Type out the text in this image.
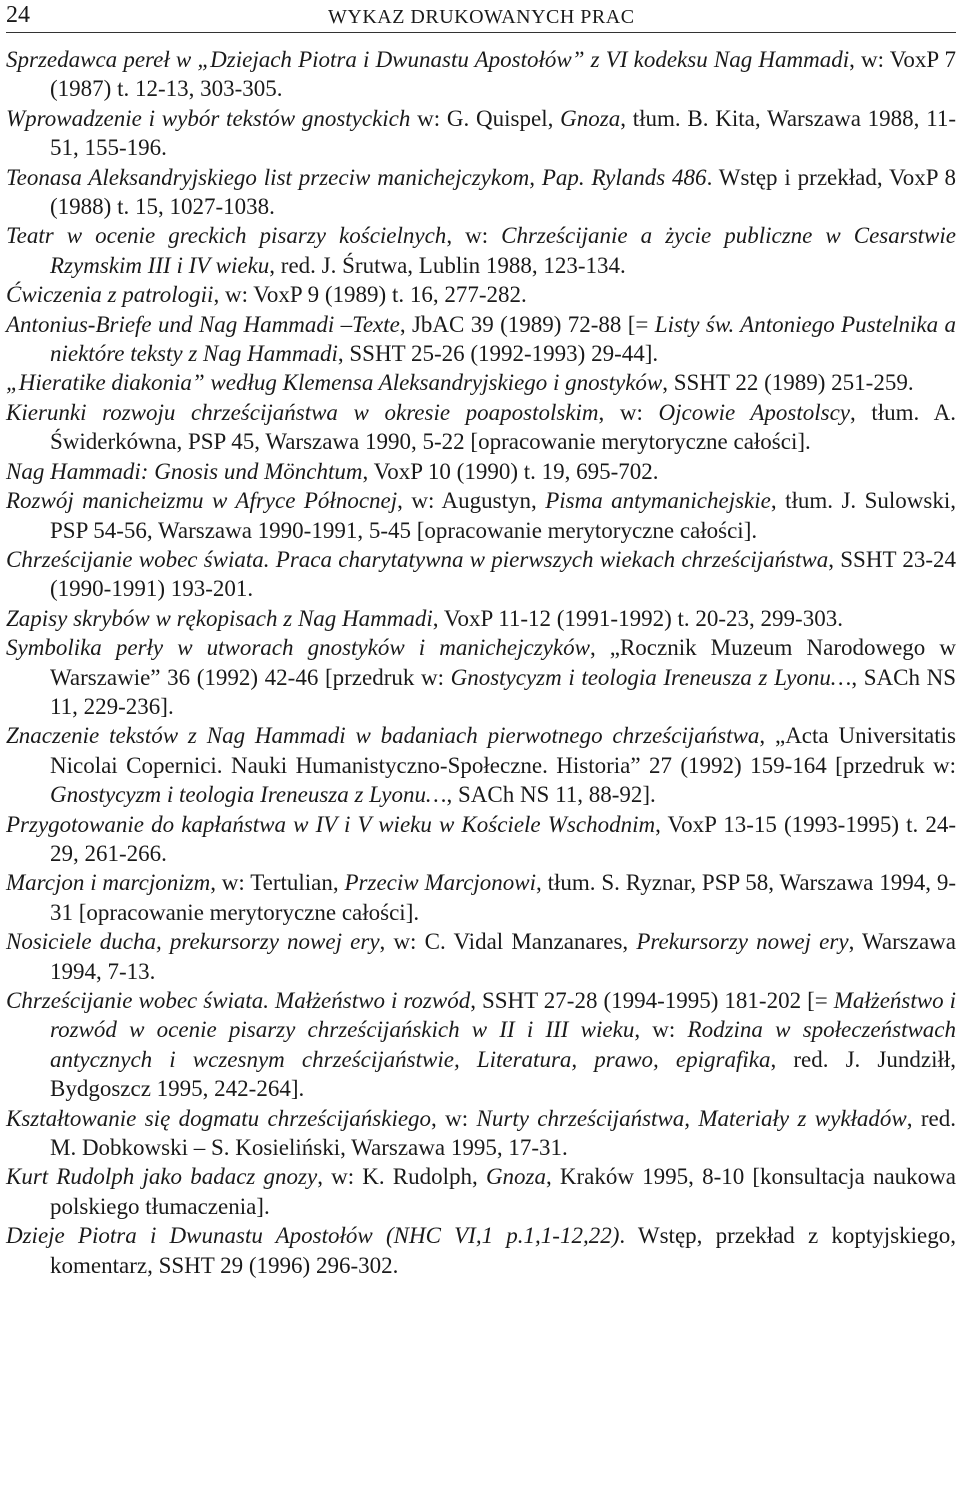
24	WYKAZ DRUKOWANYCH PRAC

Sprzedawca pereł w „Dziejach Piotra i Dwunastu Apostołów” z VI kodeksu Nag Hammadi, w: VoxP 7 (1987) t. 12-13, 303-305.

Wprowadzenie i wybór tekstów gnostyckich w: G. Quispel, Gnoza, tłum. B. Kita, Warszawa 1988, 11-51, 155-196.

Teonasa Aleksandryjskiego list przeciw manichejczykom, Pap. Rylands 486. Wstęp i przekład, VoxP 8 (1988) t. 15, 1027-1038.

Teatr w ocenie greckich pisarzy kościelnych, w: Chrześcijanie a życie publiczne w Cesarstwie Rzymskim III i IV wieku, red. J. Śrutwa, Lublin 1988, 123-134.

Ćwiczenia z patrologii, w: VoxP 9 (1989) t. 16, 277-282.

Antonius-Briefe und Nag Hammadi –Texte, JbAC 39 (1989) 72-88 [= Listy św. Antoniego Pustelnika a niektóre teksty z Nag Hammadi, SSHT 25-26 (1992-1993) 29-44].

„Hieratike diakonia” według Klemensa Aleksandryjskiego i gnostyków, SSHT 22 (1989) 251-259.

Kierunki rozwoju chrześcijaństwa w okresie poapostolskim, w: Ojcowie Apostolscy, tłum. A. Świderkówna, PSP 45, Warszawa 1990, 5-22 [opracowanie merytoryczne całości].

Nag Hammadi: Gnosis und Mönchtum, VoxP 10 (1990) t. 19, 695-702.

Rozwój manicheizmu w Afryce Północnej, w: Augustyn, Pisma antymanichejskie, tłum. J. Sulowski, PSP 54-56, Warszawa 1990-1991, 5-45 [opracowanie merytoryczne całości].

Chrześcijanie wobec świata. Praca charytatywna w pierwszych wiekach chrześcijaństwa, SSHT 23-24 (1990-1991) 193-201.

Zapisy skrybów w rękopisach z Nag Hammadi, VoxP 11-12 (1991-1992) t. 20-23, 299-303.

Symbolika perły w utworach gnostyków i manichejczyków, „Rocznik Muzeum Narodowego w Warszawie” 36 (1992) 42-46 [przedruk w: Gnostycyzm i teologia Ireneusza z Lyonu…, SACh NS 11, 229-236].

Znaczenie tekstów z Nag Hammadi w badaniach pierwotnego chrześcijaństwa, „Acta Universitatis Nicolai Copernici. Nauki Humanistyczno-Społeczne. Historia” 27 (1992) 159-164 [przedruk w: Gnostycyzm i teologia Ireneusza z Lyonu…, SACh NS 11, 88-92].

Przygotowanie do kapłaństwa w IV i V wieku w Kościele Wschodnim, VoxP 13-15 (1993-1995) t. 24-29, 261-266.

Marcjon i marcjonizm, w: Tertulian, Przeciw Marcjonowi, tłum. S. Ryznar, PSP 58, Warszawa 1994, 9-31 [opracowanie merytoryczne całości].

Nosiciele ducha, prekursorzy nowej ery, w: C. Vidal Manzanares, Prekursorzy nowej ery, Warszawa 1994, 7-13.

Chrześcijanie wobec świata. Małżeństwo i rozwód, SSHT 27-28 (1994-1995) 181-202 [= Małżeństwo i rozwód w ocenie pisarzy chrześcijańskich w II i III wieku, w: Rodzina w społeczeństwach antycznych i wczesnym chrześcijaństwie, Literatura, prawo, epigrafika, red. J. Jundziłł, Bydgoszcz 1995, 242-264].

Kształtowanie się dogmatu chrześcijańskiego, w: Nurty chrześcijaństwa, Materiały z wykładów, red. M. Dobkowski – S. Kosieliński, Warszawa 1995, 17-31.

Kurt Rudolph jako badacz gnozy, w: K. Rudolph, Gnoza, Kraków 1995, 8-10 [konsultacja naukowa polskiego tłumaczenia].

Dzieje Piotra i Dwunastu Apostołów (NHC VI,1 p.1,1-12,22). Wstęp, przekład z koptyjskiego, komentarz, SSHT 29 (1996) 296-302.
